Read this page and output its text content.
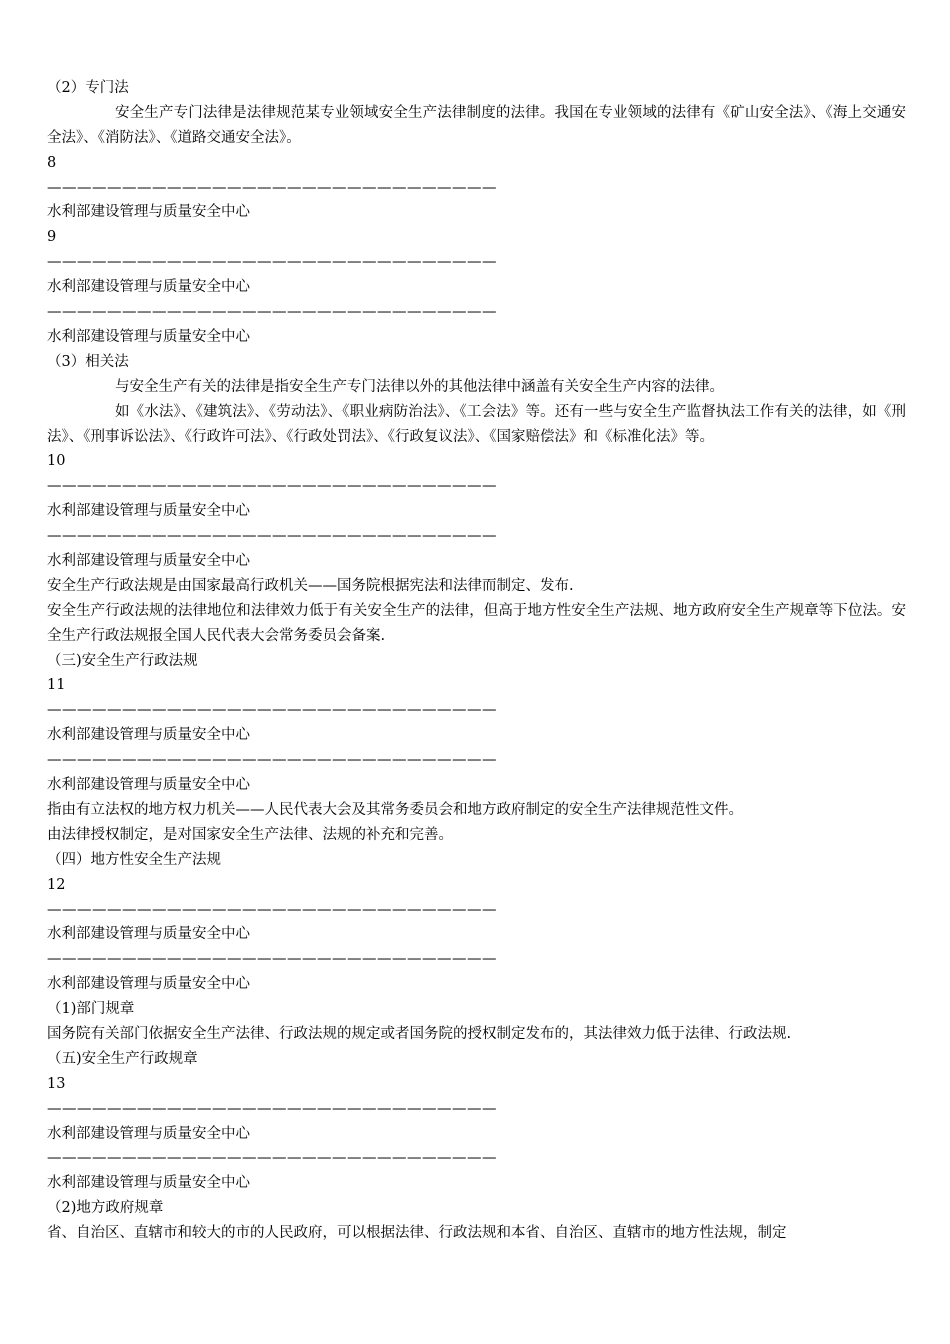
（2）专门法
安全生产专门法律是法律规范某专业领域安全生产法律制度的法律。我国在专业领域的法律有《矿山安全法》、《海上交通安全法》、《消防法》、《道路交通安全法》。
8
——————————————————————————————
水利部建设管理与质量安全中心
9
——————————————————————————————
水利部建设管理与质量安全中心
——————————————————————————————
水利部建设管理与质量安全中心
（3）相关法
与安全生产有关的法律是指安全生产专门法律以外的其他法律中涵盖有关安全生产内容的法律。
如《水法》、《建筑法》、《劳动法》、《职业病防治法》、《工会法》等。还有一些与安全生产监督执法工作有关的法律，如《刑法》、《刑事诉讼法》、《行政许可法》、《行政处罚法》、《行政复议法》、《国家赔偿法》和《标准化法》等。
10
——————————————————————————————
水利部建设管理与质量安全中心
——————————————————————————————
水利部建设管理与质量安全中心
安全生产行政法规是由国家最高行政机关——国务院根据宪法和法律而制定、发布.
安全生产行政法规的法律地位和法律效力低于有关安全生产的法律，但高于地方性安全生产法规、地方政府安全生产规章等下位法。安全生产行政法规报全国人民代表大会常务委员会备案.
（三)安全生产行政法规
11
——————————————————————————————
水利部建设管理与质量安全中心
——————————————————————————————
水利部建设管理与质量安全中心
指由有立法权的地方权力机关——人民代表大会及其常务委员会和地方政府制定的安全生产法律规范性文件。
由法律授权制定，是对国家安全生产法律、法规的补充和完善。
（四）地方性安全生产法规
12
——————————————————————————————
水利部建设管理与质量安全中心
——————————————————————————————
水利部建设管理与质量安全中心
（1)部门规章
国务院有关部门依据安全生产法律、行政法规的规定或者国务院的授权制定发布的，其法律效力低于法律、行政法规.
（五)安全生产行政规章
13
——————————————————————————————
水利部建设管理与质量安全中心
——————————————————————————————
水利部建设管理与质量安全中心
（2)地方政府规章
省、自治区、直辖市和较大的市的人民政府，可以根据法律、行政法规和本省、自治区、直辖市的地方性法规，制定
